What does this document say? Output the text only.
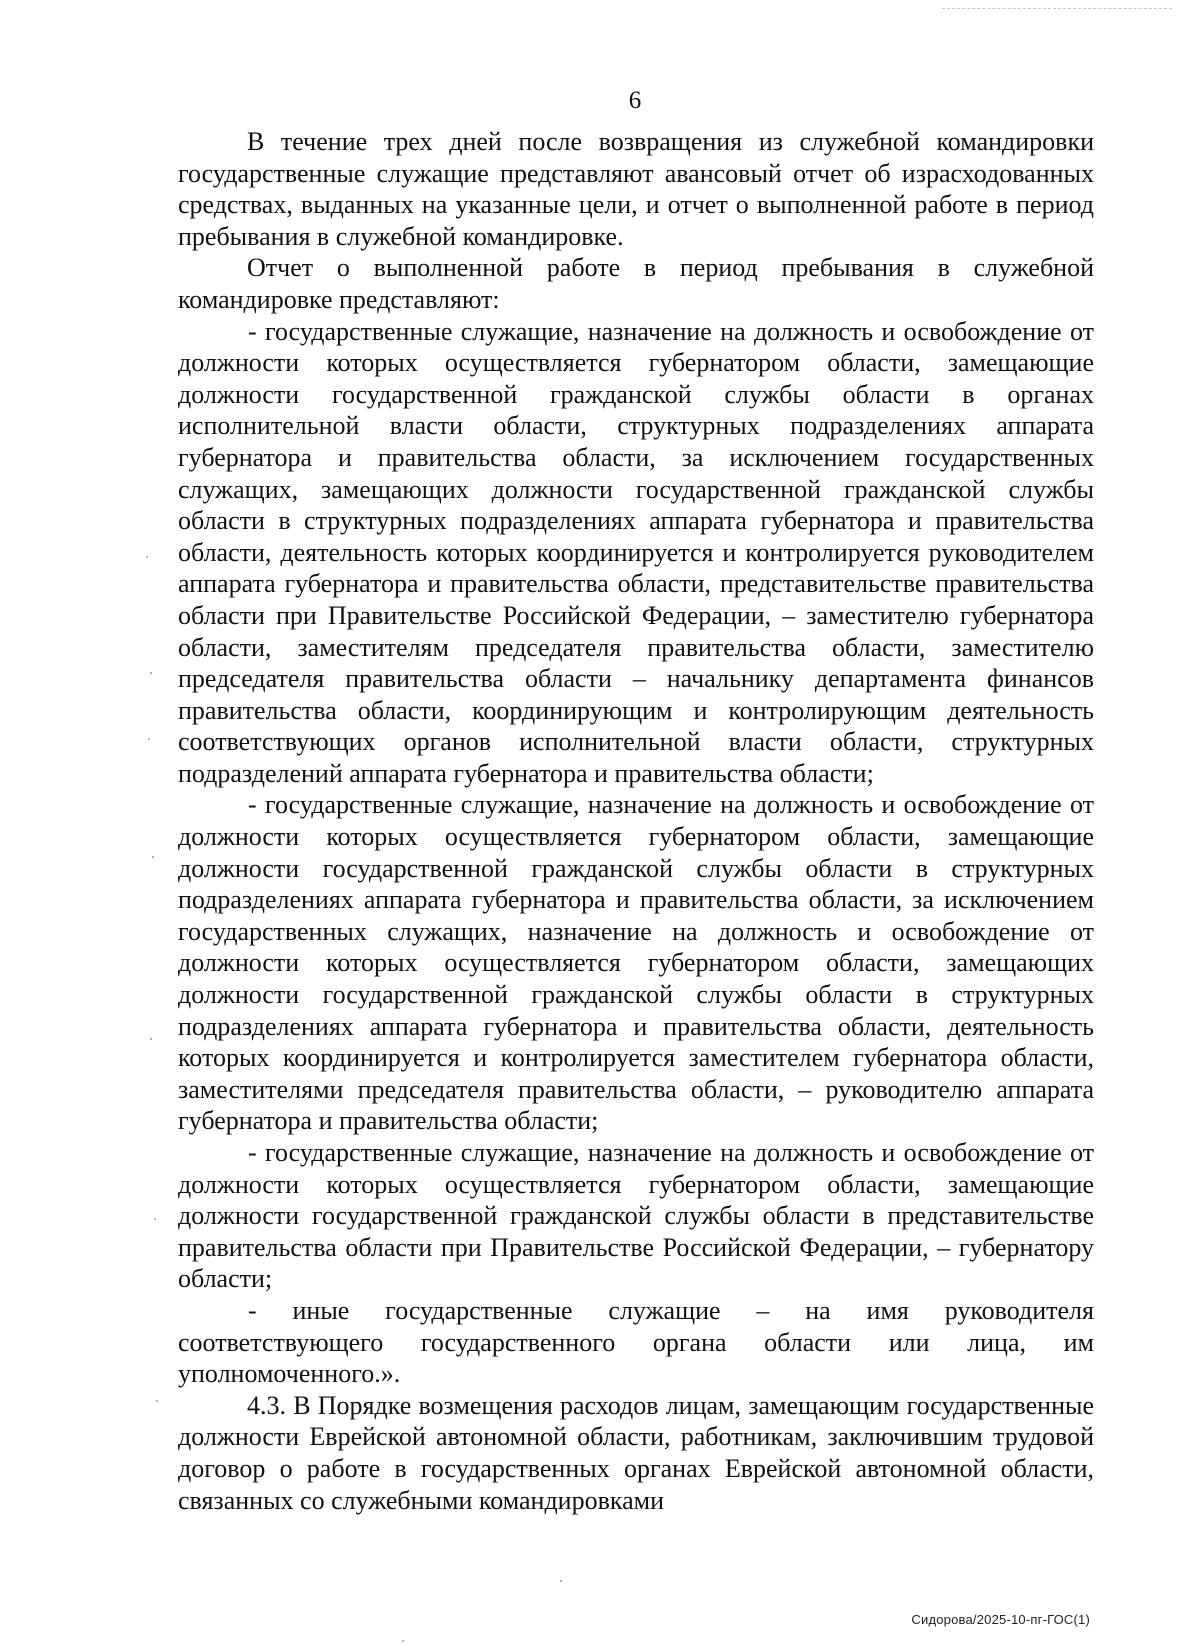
6

В течение трех дней после возвращения из служебной командировки государственные служащие представляют авансовый отчет об израсходованных средствах, выданных на указанные цели, и отчет о выполненной работе в период пребывания в служебной командировке.

Отчет о выполненной работе в период пребывания в служебной командировке представляют:

- государственные служащие, назначение на должность и освобождение от должности которых осуществляется губернатором области, замещающие должности государственной гражданской службы области в органах исполнительной власти области, структурных подразделениях аппарата губернатора и правительства области, за исключением государственных служащих, замещающих должности государственной гражданской службы области в структурных подразделениях аппарата губернатора и правительства области, деятельность которых координируется и контролируется руководителем аппарата губернатора и правительства области, представительстве правительства области при Правительстве Российской Федерации, – заместителю губернатора области, заместителям председателя правительства области, заместителю председателя правительства области – начальнику департамента финансов правительства области, координирующим и контролирующим деятельность соответствующих органов исполнительной власти области, структурных подразделений аппарата губернатора и правительства области;

- государственные служащие, назначение на должность и освобождение от должности которых осуществляется губернатором области, замещающие должности государственной гражданской службы области в структурных подразделениях аппарата губернатора и правительства области, за исключением государственных служащих, назначение на должность и освобождение от должности которых осуществляется губернатором области, замещающих должности государственной гражданской службы области в структурных подразделениях аппарата губернатора и правительства области, деятельность которых координируется и контролируется заместителем губернатора области, заместителями председателя правительства области, – руководителю аппарата губернатора и правительства области;

- государственные служащие, назначение на должность и освобождение от должности которых осуществляется губернатором области, замещающие должности государственной гражданской службы области в представительстве правительства области при Правительстве Российской Федерации, – губернатору области;

- иные государственные служащие – на имя руководителя соответствующего государственного органа области или лица, им уполномоченного.».

4.3. В Порядке возмещения расходов лицам, замещающим государственные должности Еврейской автономной области, работникам, заключившим трудовой договор о работе в государственных органах Еврейской автономной области, связанных со служебными командировками

Сидорова/2025-10-пг-ГОС(1)
